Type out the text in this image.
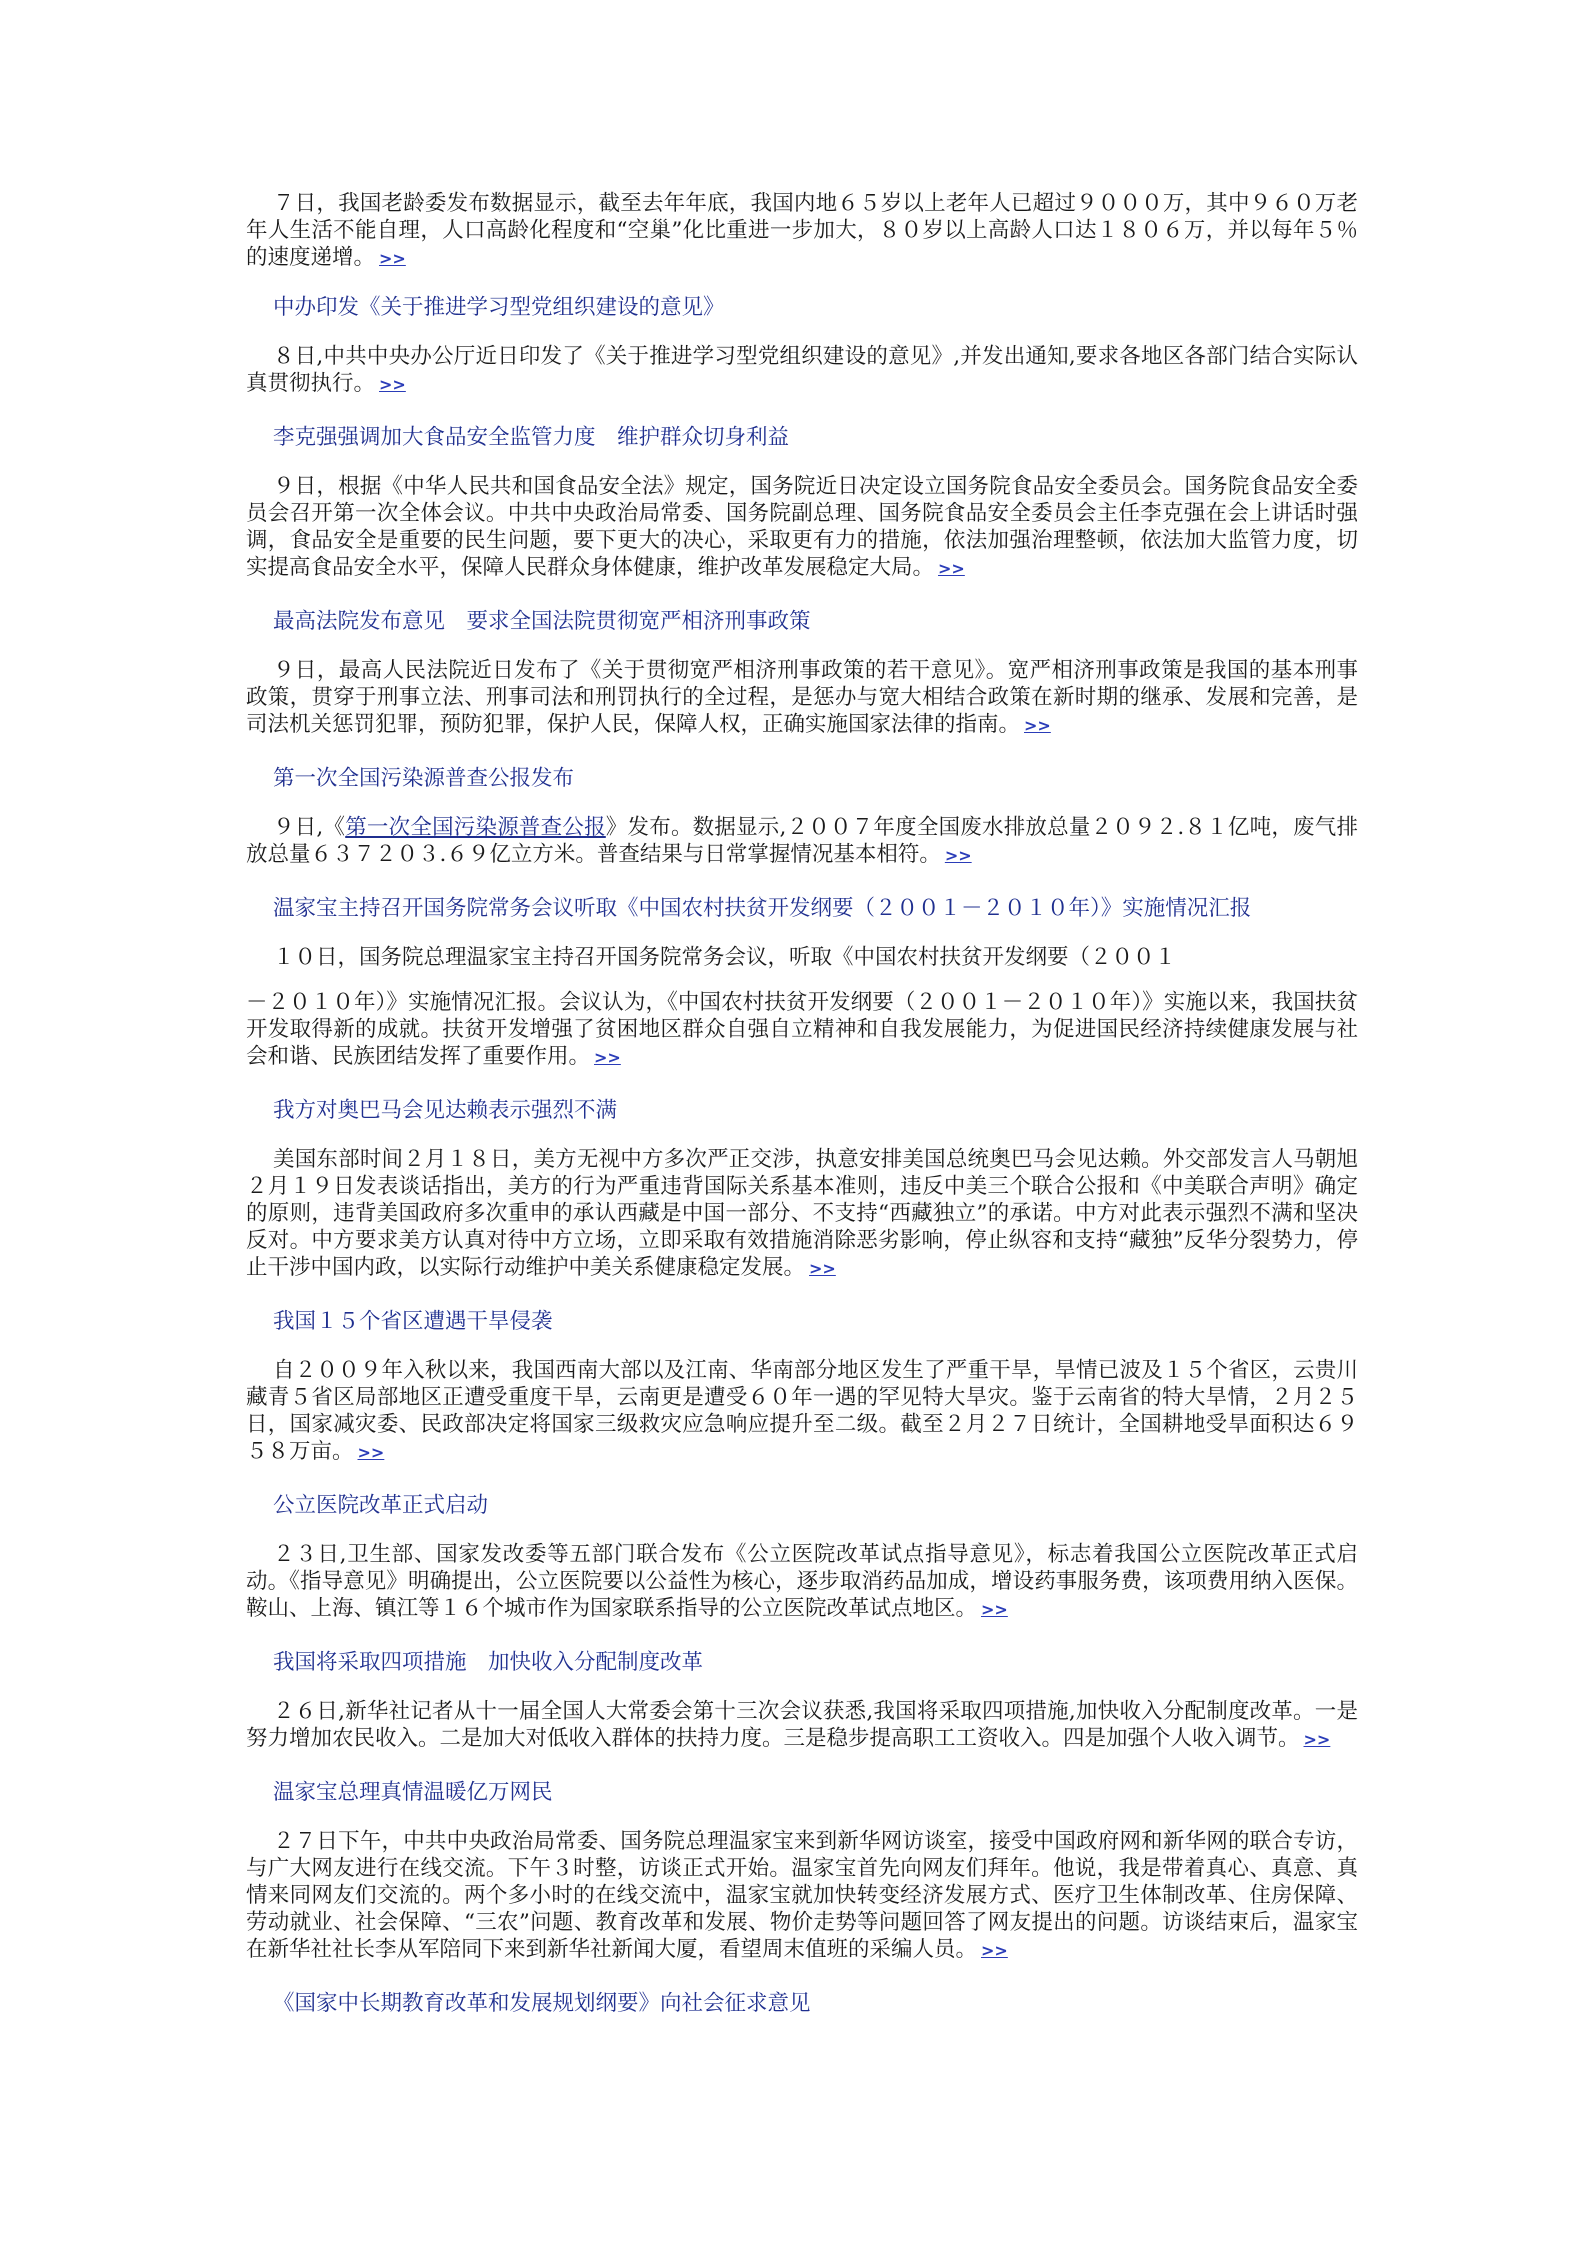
７日，我国老龄委发布数据显示，截至去年年底，我国内地６５岁以上老年人已超过９０００万，其中９６０万老年人生活不能自理，人口高龄化程度和“空巢”化比重进一步加大，８０岁以上高龄人口达１８０６万，并以每年５％的速度递增。 >>

中办印发《关于推进学习型党组织建设的意见》

８日,中共中央办公厅近日印发了《关于推进学习型党组织建设的意见》,并发出通知,要求各地区各部门结合实际认真贯彻执行。 >>

李克强强调加大食品安全监管力度　维护群众切身利益

９日，根据《中华人民共和国食品安全法》规定，国务院近日决定设立国务院食品安全委员会。国务院食品安全委员会召开第一次全体会议。中共中央政治局常委、国务院副总理、国务院食品安全委员会主任李克强在会上讲话时强调，食品安全是重要的民生问题，要下更大的决心，采取更有力的措施，依法加强治理整顿，依法加大监管力度，切实提高食品安全水平，保障人民群众身体健康，维护改革发展稳定大局。 >>

最高法院发布意见　要求全国法院贯彻宽严相济刑事政策

９日，最高人民法院近日发布了《关于贯彻宽严相济刑事政策的若干意见》。宽严相济刑事政策是我国的基本刑事政策，贯穿于刑事立法、刑事司法和刑罚执行的全过程，是惩办与宽大相结合政策在新时期的继承、发展和完善，是司法机关惩罚犯罪，预防犯罪，保护人民，保障人权，正确实施国家法律的指南。 >>

第一次全国污染源普查公报发布

９日,《第一次全国污染源普查公报》发布。数据显示,２００７年度全国废水排放总量２０９２.８１亿吨，废气排放总量６３７２０３.６９亿立方米。普查结果与日常掌握情况基本相符。 >>

温家宝主持召开国务院常务会议听取《中国农村扶贫开发纲要（２００１－２０１０年）》实施情况汇报

１０日，国务院总理温家宝主持召开国务院常务会议，听取《中国农村扶贫开发纲要（２００１

－２０１０年）》实施情况汇报。会议认为，《中国农村扶贫开发纲要（２００１－２０１０年）》实施以来，我国扶贫开发取得新的成就。扶贫开发增强了贫困地区群众自强自立精神和自我发展能力，为促进国民经济持续健康发展与社会和谐、民族团结发挥了重要作用。 >>

我方对奥巴马会见达赖表示强烈不满

美国东部时间２月１８日，美方无视中方多次严正交涉，执意安排美国总统奥巴马会见达赖。外交部发言人马朝旭２月１９日发表谈话指出，美方的行为严重违背国际关系基本准则，违反中美三个联合公报和《中美联合声明》确定的原则，违背美国政府多次重申的承认西藏是中国一部分、不支持“西藏独立”的承诺。中方对此表示强烈不满和坚决反对。中方要求美方认真对待中方立场，立即采取有效措施消除恶劣影响，停止纵容和支持“藏独”反华分裂势力，停止干涉中国内政，以实际行动维护中美关系健康稳定发展。 >>

我国１５个省区遭遇干旱侵袭

自２００９年入秋以来，我国西南大部以及江南、华南部分地区发生了严重干旱，旱情已波及１５个省区，云贵川藏青５省区局部地区正遭受重度干旱，云南更是遭受６０年一遇的罕见特大旱灾。鉴于云南省的特大旱情，２月２５日，国家减灾委、民政部决定将国家三级救灾应急响应提升至二级。截至２月２７日统计，全国耕地受旱面积达６９５８万亩。 >>

公立医院改革正式启动

２３日,卫生部、国家发改委等五部门联合发布《公立医院改革试点指导意见》，标志着我国公立医院改革正式启动。《指导意见》明确提出，公立医院要以公益性为核心，逐步取消药品加成，增设药事服务费，该项费用纳入医保。鞍山、上海、镇江等１６个城市作为国家联系指导的公立医院改革试点地区。 >>

我国将采取四项措施　加快收入分配制度改革

２６日,新华社记者从十一届全国人大常委会第十三次会议获悉,我国将采取四项措施,加快收入分配制度改革。一是努力增加农民收入。二是加大对低收入群体的扶持力度。三是稳步提高职工工资收入。四是加强个人收入调节。 >>

温家宝总理真情温暖亿万网民

２７日下午，中共中央政治局常委、国务院总理温家宝来到新华网访谈室，接受中国政府网和新华网的联合专访，与广大网友进行在线交流。下午３时整，访谈正式开始。温家宝首先向网友们拜年。他说，我是带着真心、真意、真情来同网友们交流的。两个多小时的在线交流中，温家宝就加快转变经济发展方式、医疗卫生体制改革、住房保障、劳动就业、社会保障、“三农”问题、教育改革和发展、物价走势等问题回答了网友提出的问题。访谈结束后，温家宝在新华社社长李从军陪同下来到新华社新闻大厦，看望周末值班的采编人员。 >>

《国家中长期教育改革和发展规划纲要》向社会征求意见
